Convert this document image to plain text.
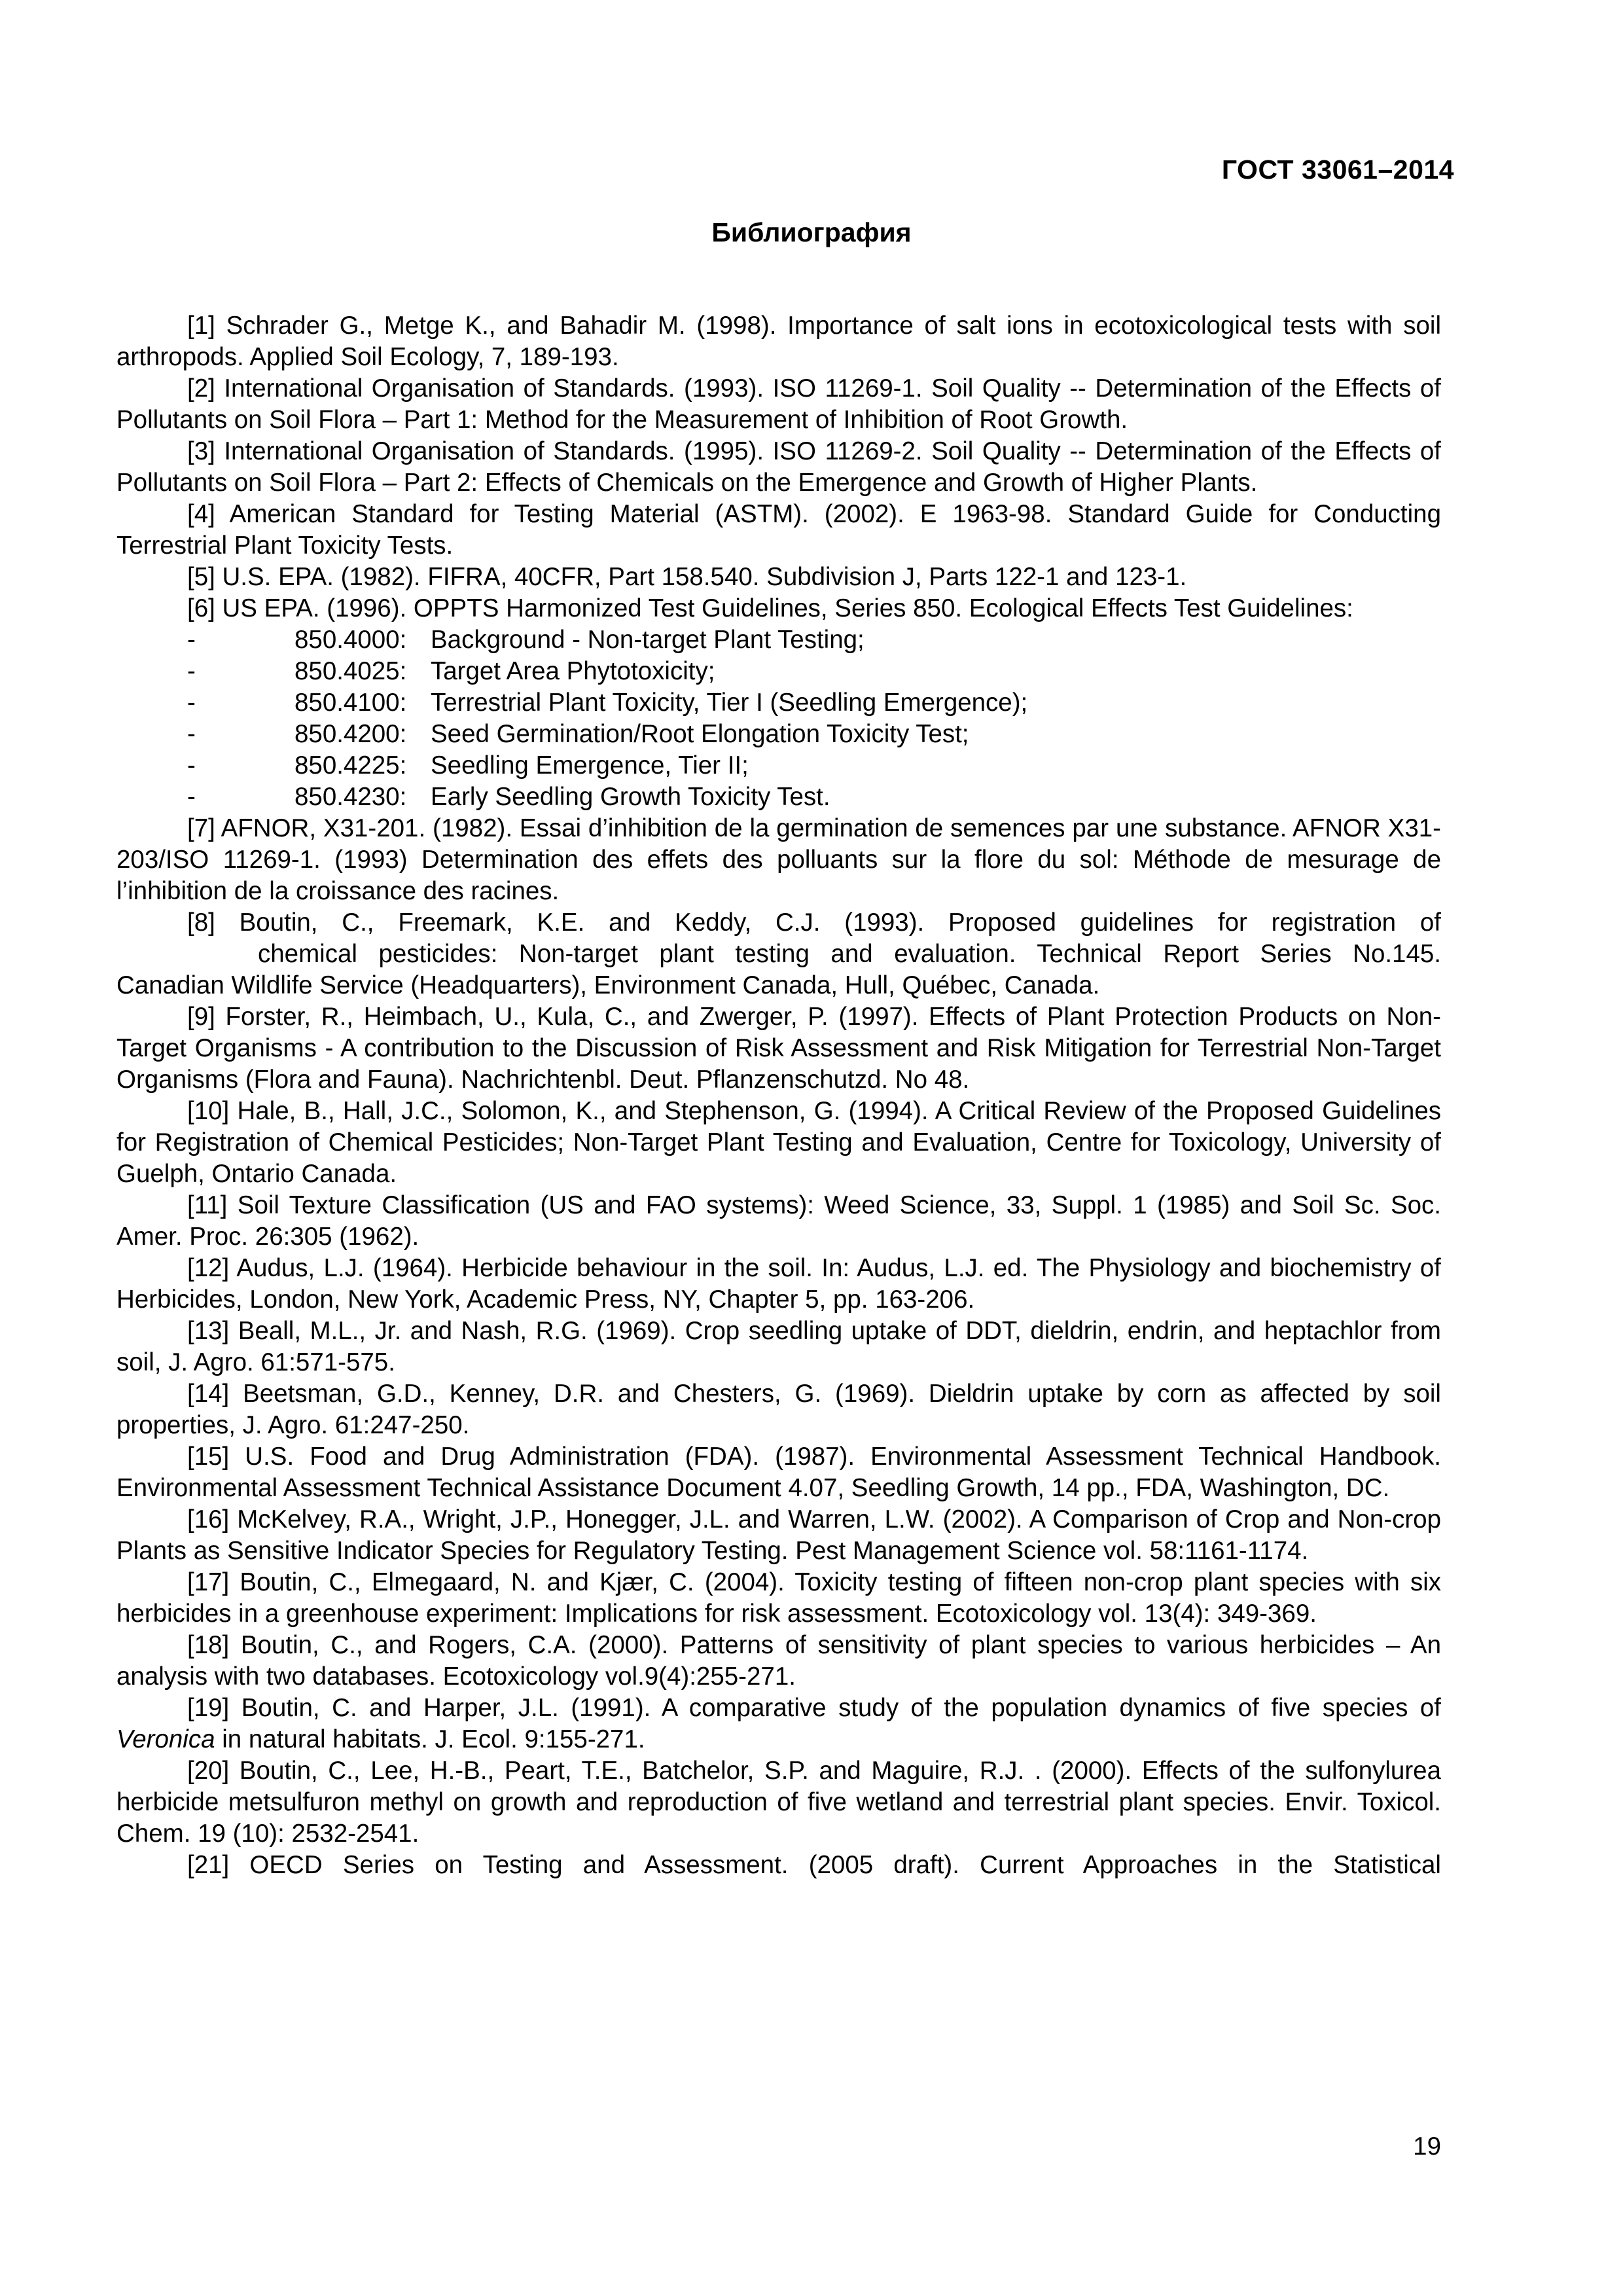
ГОСТ 33061–2014
Библиография

[1] Schrader G., Metge K., and Bahadir M. (1998). Importance of salt ions in ecotoxicological tests with soil arthropods. Applied Soil Ecology, 7, 189-193.

[2] International Organisation of Standards. (1993). ISO 11269-1. Soil Quality -- Determination of the Effects of Pollutants on Soil Flora – Part 1: Method for the Measurement of Inhibition of Root Growth.

[3] International Organisation of Standards. (1995). ISO 11269-2. Soil Quality -- Determination of the Effects of Pollutants on Soil Flora – Part 2: Effects of Chemicals on the Emergence and Growth of Higher Plants.

[4] American Standard for Testing Material (ASTM). (2002). E 1963-98. Standard Guide for Conducting Terrestrial Plant Toxicity Tests.

[5] U.S. EPA. (1982). FIFRA, 40CFR, Part 158.540. Subdivision J, Parts 122-1 and 123-1.

[6] US EPA. (1996). OPPTS Harmonized Test Guidelines, Series 850. Ecological Effects Test Guidelines:

-	850.4000: Background - Non-target Plant Testing;
-	850.4025: Target Area Phytotoxicity;
-	850.4100: Terrestrial Plant Toxicity, Tier I (Seedling Emergence);
-	850.4200: Seed Germination/Root Elongation Toxicity Test;
-	850.4225: Seedling Emergence, Tier II;
-	850.4230: Early Seedling Growth Toxicity Test.

[7] AFNOR, X31-201. (1982). Essai d’inhibition de la germination de semences par une substance. AFNOR X31-203/ISO 11269-1. (1993) Determination des effets des polluants sur la flore du sol: Méthode de mesurage de l’inhibition de la croissance des racines.

[8] Boutin, C., Freemark, K.E. and Keddy, C.J. (1993). Proposed guidelines for registration of

chemical pesticides: Non-target plant testing and evaluation. Technical Report Series No.145.

Canadian Wildlife Service (Headquarters), Environment Canada, Hull, Québec, Canada.

[9] Forster, R., Heimbach, U., Kula, C., and Zwerger, P. (1997). Effects of Plant Protection Products on Non-Target Organisms - A contribution to the Discussion of Risk Assessment and Risk Mitigation for Terrestrial Non-Target Organisms (Flora and Fauna). Nachrichtenbl. Deut. Pflanzenschutzd. No 48.

[10] Hale, B., Hall, J.C., Solomon, K., and Stephenson, G. (1994). A Critical Review of the Proposed Guidelines for Registration of Chemical Pesticides; Non-Target Plant Testing and Evaluation, Centre for Toxicology, University of Guelph, Ontario Canada.

[11] Soil Texture Classification (US and FAO systems): Weed Science, 33, Suppl. 1 (1985) and Soil Sc. Soc. Amer. Proc. 26:305 (1962).

[12] Audus, L.J. (1964). Herbicide behaviour in the soil. In: Audus, L.J. ed. The Physiology and biochemistry of Herbicides, London, New York, Academic Press, NY, Chapter 5, pp. 163-206.

[13] Beall, M.L., Jr. and Nash, R.G. (1969). Crop seedling uptake of DDT, dieldrin, endrin, and heptachlor from soil, J. Agro. 61:571-575.

[14] Beetsman, G.D., Kenney, D.R. and Chesters, G. (1969). Dieldrin uptake by corn as affected by soil properties, J. Agro. 61:247-250.

[15] U.S. Food and Drug Administration (FDA). (1987). Environmental Assessment Technical Handbook. Environmental Assessment Technical Assistance Document 4.07, Seedling Growth, 14 pp., FDA, Washington, DC.

[16] McKelvey, R.A., Wright, J.P., Honegger, J.L. and Warren, L.W. (2002). A Comparison of Crop and Non-crop Plants as Sensitive Indicator Species for Regulatory Testing. Pest Management Science vol. 58:1161-1174.

[17] Boutin, C., Elmegaard, N. and Kjær, C. (2004). Toxicity testing of fifteen non-crop plant species with six herbicides in a greenhouse experiment: Implications for risk assessment. Ecotoxicology vol. 13(4): 349-369.

[18] Boutin, C., and Rogers, C.A. (2000). Patterns of sensitivity of plant species to various herbicides – An analysis with two databases. Ecotoxicology vol.9(4):255-271.

[19] Boutin, C. and Harper, J.L. (1991). A comparative study of the population dynamics of five species of Veronica in natural habitats. J. Ecol. 9:155-271.

[20] Boutin, C., Lee, H.-B., Peart, T.E., Batchelor, S.P. and Maguire, R.J. . (2000). Effects of the sulfonylurea herbicide metsulfuron methyl on growth and reproduction of five wetland and terrestrial plant species. Envir. Toxicol. Chem. 19 (10): 2532-2541.

[21] OECD Series on Testing and Assessment. (2005 draft). Current Approaches in the Statistical

19
